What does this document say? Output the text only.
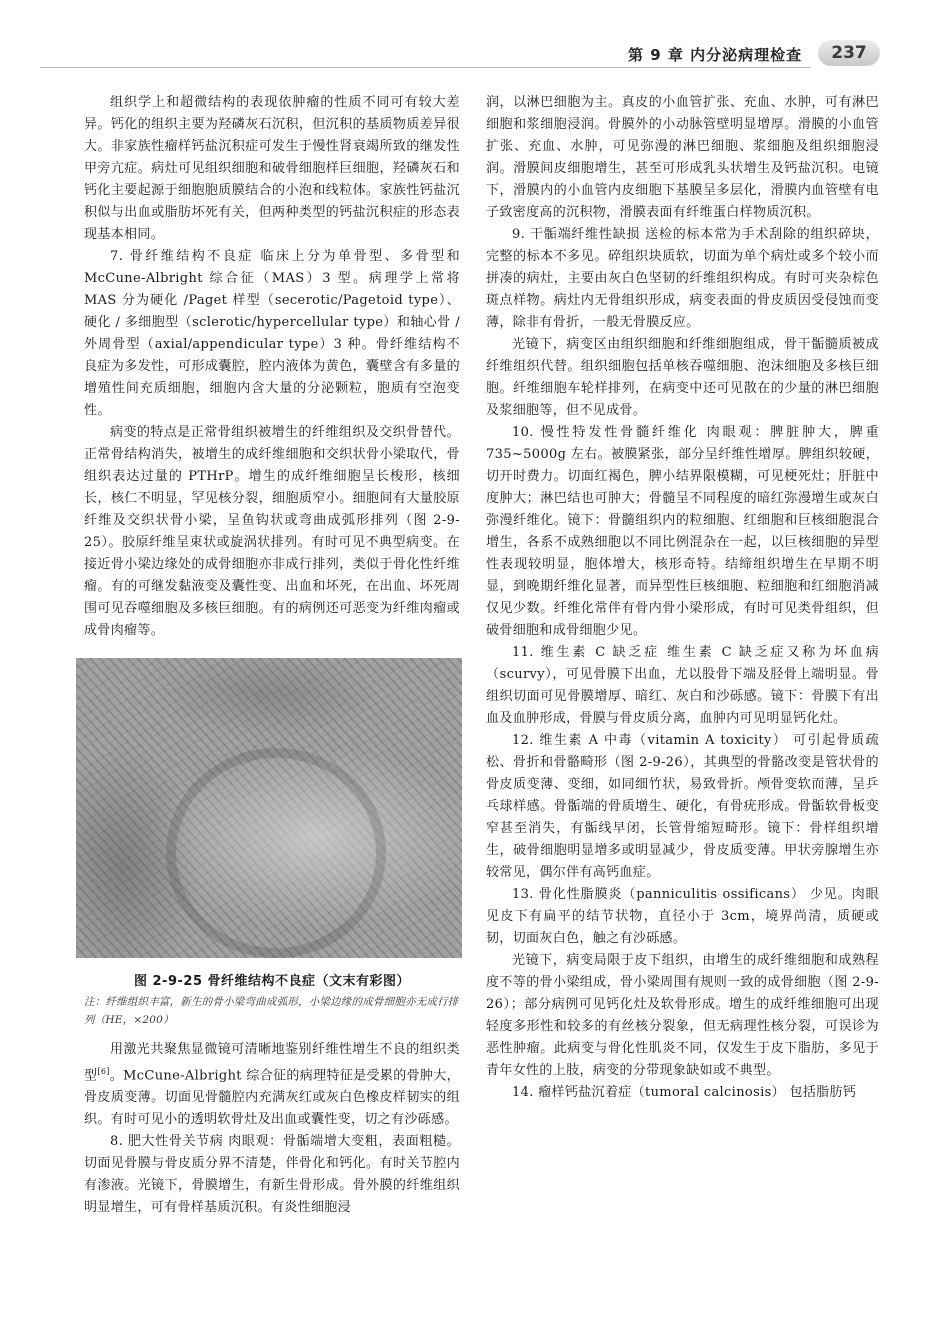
第 9 章 内分泌病理检查	237

组织学上和超微结构的表现依肿瘤的性质不同可有较大差异。钙化的组织主要为羟磷灰石沉积，但沉积的基质物质差异很大。非家族性瘤样钙盐沉积症可发生于慢性肾衰竭所致的继发性甲旁亢症。病灶可见组织细胞和破骨细胞样巨细胞，羟磷灰石和钙化主要起源于细胞胞质膜结合的小泡和线粒体。家族性钙盐沉积似与出血或脂肪坏死有关，但两种类型的钙盐沉积症的形态表现基本相同。

7. 骨纤维结构不良症 临床上分为单骨型、多骨型和 McCune-Albright 综合征（MAS）3 型。病理学上常将 MAS 分为硬化 /Paget 样型（secerotic/Pagetoid type）、硬化 / 多细胞型（sclerotic/hypercellular type）和轴心骨 / 外周骨型（axial/appendicular type）3 种。骨纤维结构不良症为多发性，可形成囊腔，腔内液体为黄色，囊壁含有多量的增殖性间充质细胞，细胞内含大量的分泌颗粒，胞质有空泡变性。

病变的特点是正常骨组织被增生的纤维组织及交织骨替代。正常骨结构消失，被增生的成纤维细胞和交织状骨小梁取代，骨组织表达过量的 PTHrP。增生的成纤维细胞呈长梭形，核细长，核仁不明显，罕见核分裂，细胞质窄小。细胞间有大量胶原纤维及交织状骨小梁，呈鱼钩状或弯曲成弧形排列（图 2-9-25）。胶原纤维呈束状或旋涡状排列。有时可见不典型病变。在接近骨小梁边缘处的成骨细胞亦非成行排列，类似于骨化性纤维瘤。有的可继发黏液变及囊性变、出血和坏死，在出血、坏死周围可见吞噬细胞及多核巨细胞。有的病例还可恶变为纤维肉瘤或成骨肉瘤等。

图 2-9-25 骨纤维结构不良症（文末有彩图）
注：纤维组织丰富，新生的骨小梁弯曲成弧形，小梁边缘的成骨细胞亦无成行排列（HE，×200）

用激光共聚焦显微镜可清晰地鉴别纤维性增生不良的组织类型[6]。McCune-Albright 综合征的病理特征是受累的骨肿大，骨皮质变薄。切面见骨髓腔内充满灰红或灰白色橡皮样韧实的组织。有时可见小的透明软骨灶及出血或囊性变，切之有沙砾感。

8. 肥大性骨关节病 肉眼观：骨骺端增大变粗，表面粗糙。切面见骨膜与骨皮质分界不清楚，伴骨化和钙化。有时关节腔内有渗液。光镜下，骨膜增生，有新生骨形成。骨外膜的纤维组织明显增生，可有骨样基质沉积。有炎性细胞浸

润，以淋巴细胞为主。真皮的小血管扩张、充血、水肿，可有淋巴细胞和浆细胞浸润。骨膜外的小动脉管壁明显增厚。滑膜的小血管扩张、充血、水肿，可见弥漫的淋巴细胞、浆细胞及组织细胞浸润。滑膜间皮细胞增生，甚至可形成乳头状增生及钙盐沉积。电镜下，滑膜内的小血管内皮细胞下基膜呈多层化，滑膜内血管壁有电子致密度高的沉积物，滑膜表面有纤维蛋白样物质沉积。

9. 干骺端纤维性缺损 送检的标本常为手术刮除的组织碎块，完整的标本不多见。碎组织块质软，切面为单个病灶或多个较小而拼凑的病灶，主要由灰白色坚韧的纤维组织构成。有时可夹杂棕色斑点样物。病灶内无骨组织形成，病变表面的骨皮质因受侵蚀而变薄，除非有骨折，一般无骨膜反应。

光镜下，病变区由组织细胞和纤维细胞组成，骨干骺髓质被成纤维组织代替。组织细胞包括单核吞噬细胞、泡沫细胞及多核巨细胞。纤维细胞车轮样排列，在病变中还可见散在的少量的淋巴细胞及浆细胞等，但不见成骨。

10. 慢性特发性骨髓纤维化 肉眼观：脾脏肿大，脾重 735~5000g 左右。被膜紧张，部分呈纤维性增厚。脾组织较硬，切开时费力。切面红褐色，脾小结界限模糊，可见梗死灶；肝脏中度肿大；淋巴结也可肿大；骨髓呈不同程度的暗红弥漫增生或灰白弥漫纤维化。镜下：骨髓组织内的粒细胞、红细胞和巨核细胞混合增生，各系不成熟细胞以不同比例混杂在一起，以巨核细胞的异型性表现较明显，胞体增大，核形奇特。结缔组织增生在早期不明显，到晚期纤维化显著，而异型性巨核细胞、粒细胞和红细胞消减仅见少数。纤维化常伴有骨内骨小梁形成，有时可见类骨组织，但破骨细胞和成骨细胞少见。

11. 维生素 C 缺乏症 维生素 C 缺乏症又称为坏血病（scurvy），可见骨膜下出血，尤以股骨下端及胫骨上端明显。骨组织切面可见骨膜增厚、暗红、灰白和沙砾感。镜下：骨膜下有出血及血肿形成，骨膜与骨皮质分离，血肿内可见明显钙化灶。

12. 维生素 A 中毒（vitamin A toxicity） 可引起骨质疏松、骨折和骨骼畸形（图 2-9-26），其典型的骨骼改变是管状骨的骨皮质变薄、变细，如同细竹状，易致骨折。颅骨变软而薄，呈乒乓球样感。骨骺端的骨质增生、硬化，有骨疣形成。骨骺软骨板变窄甚至消失，有骺线早闭，长管骨缩短畸形。镜下：骨样组织增生，破骨细胞明显增多或明显减少，骨皮质变薄。甲状旁腺增生亦较常见，偶尔伴有高钙血症。

13. 骨化性脂膜炎（panniculitis ossificans） 少见。肉眼见皮下有扁平的结节状物，直径小于 3cm，境界尚清，质硬或韧，切面灰白色，触之有沙砾感。

光镜下，病变局限于皮下组织，由增生的成纤维细胞和成熟程度不等的骨小梁组成，骨小梁周围有规则一致的成骨细胞（图 2-9-26）；部分病例可见钙化灶及软骨形成。增生的成纤维细胞可出现轻度多形性和较多的有丝核分裂象，但无病理性核分裂，可误诊为恶性肿瘤。此病变与骨化性肌炎不同，仅发生于皮下脂肪，多见于青年女性的上肢，病变的分带现象缺如或不典型。

14. 瘤样钙盐沉着症（tumoral calcinosis） 包括脂肪钙
